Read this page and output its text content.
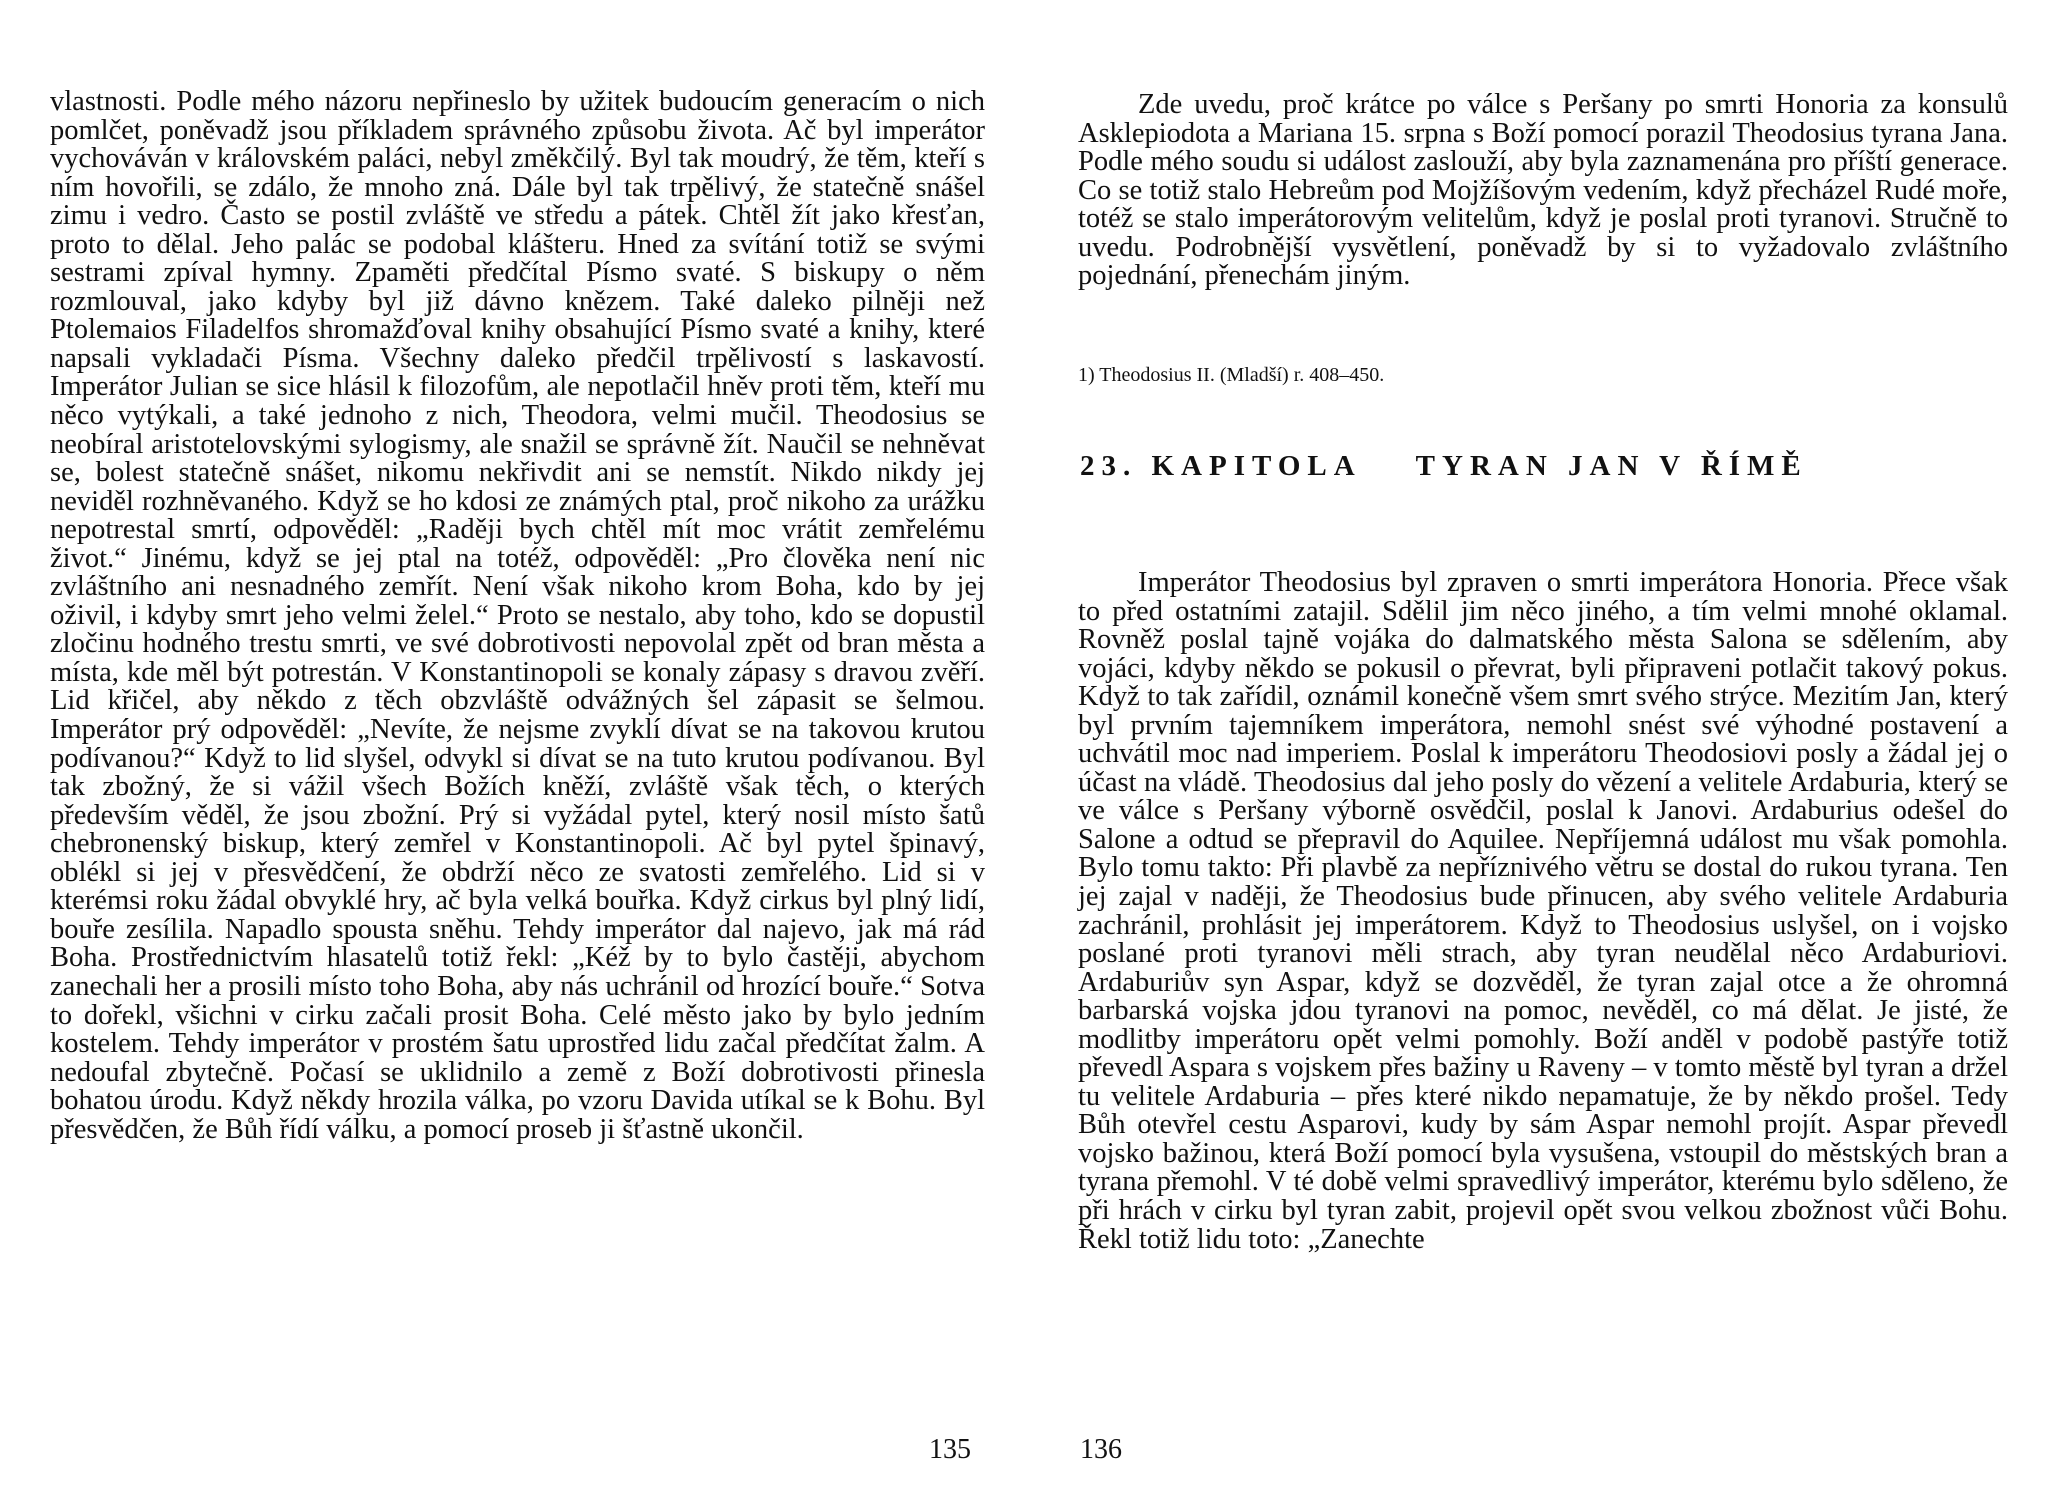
vlastnosti. Podle mého názoru nepřineslo by užitek budoucím generacím o nich pomlčet, poněvadž jsou příkladem správného způsobu života. Ač byl imperátor vychováván v královském paláci, nebyl změkčilý. Byl tak moudrý, že těm, kteří s ním hovořili, se zdálo, že mnoho zná. Dále byl tak trpělivý, že statečně snášel zimu i vedro. Často se postil zvláště ve středu a pátek. Chtěl žít jako křesťan, proto to dělal. Jeho palác se podobal klášteru. Hned za svítání totiž se svými sestrami zpíval hymny. Zpaměti předčítal Písmo svaté. S biskupy o něm rozmlouval, jako kdyby byl již dávno knězem. Také daleko pilněji než Ptolemaios Filadelfos shromažďoval knihy obsahující Písmo svaté a knihy, které napsali vykladači Písma. Všechny daleko předčil trpělivostí s laskavostí. Imperátor Julian se sice hlásil k filozofům, ale nepotlačil hněv proti těm, kteří mu něco vytýkali, a také jednoho z nich, Theodora, velmi mučil. Theodosius se neobíral aristotelovskými sylogismy, ale snažil se správně žít. Naučil se nehněvat se, bolest statečně snášet, nikomu nekřivdit ani se nemstít. Nikdo nikdy jej neviděl rozhněvaného. Když se ho kdosi ze známých ptal, proč nikoho za urážku nepotrestal smrtí, odpověděl: „Raději bych chtěl mít moc vrátit zemřelému život.“ Jinému, když se jej ptal na totéž, odpověděl: „Pro člověka není nic zvláštního ani nesnadného zemřít. Není však nikoho krom Boha, kdo by jej oživil, i kdyby smrt jeho velmi želel.“ Proto se nestalo, aby toho, kdo se dopustil zločinu hodného trestu smrti, ve své dobrotivosti nepovolal zpět od bran města a místa, kde měl být potrestán. V Konstantinopoli se konaly zápasy s dravou zvěří. Lid křičel, aby někdo z těch obzvláště odvážných šel zápasit se šelmou. Imperátor prý odpověděl: „Nevíte, že nejsme zvyklí dívat se na takovou krutou podívanou?“ Když to lid slyšel, odvykl si dívat se na tuto krutou podívanou. Byl tak zbožný, že si vážil všech Božích kněží, zvláště však těch, o kterých především věděl, že jsou zbožní. Prý si vyžádal pytel, který nosil místo šatů chebronenský biskup, který zemřel v Konstantinopoli. Ač byl pytel špinavý, oblékl si jej v přesvědčení, že obdrží něco ze svatosti zemřelého. Lid si v kterémsi roku žádal obvyklé hry, ač byla velká bouřka. Když cirkus byl plný lidí, bouře zesílila. Napadlo spousta sněhu. Tehdy imperátor dal najevo, jak má rád Boha. Prostřednictvím hlasatelů totiž řekl: „Kéž by to bylo častěji, abychom zanechali her a prosili místo toho Boha, aby nás uchránil od hrozící bouře.“ Sotva to dořekl, všichni v cirku začali prosit Boha. Celé město jako by bylo jedním kostelem. Tehdy imperátor v prostém šatu uprostřed lidu začal předčítat žalm. A nedoufal zbytečně. Počasí se uklidnilo a země z Boží dobrotivosti přinesla bohatou úrodu. Když někdy hrozila válka, po vzoru Davida utíkal se k Bohu. Byl přesvědčen, že Bůh řídí válku, a pomocí proseb ji šťastně ukončil.

135

Zde uvedu, proč krátce po válce s Peršany po smrti Honoria za konsulů Asklepiodota a Mariana 15. srpna s Boží pomocí porazil Theodosius tyrana Jana. Podle mého soudu si událost zaslouží, aby byla zaznamenána pro příští generace. Co se totiž stalo Hebreům pod Mojžíšovým vedením, když přecházel Rudé moře, totéž se stalo imperátorovým velitelům, když je poslal proti tyranovi. Stručně to uvedu. Podrobnější vysvětlení, poněvadž by si to vyžadovalo zvláštního pojednání, přenechám jiným.

1) Theodosius II. (Mladší) r. 408–450.
23. KAPITOLA TYRAN JAN V ŘÍMĚ

Imperátor Theodosius byl zpraven o smrti imperátora Honoria. Přece však to před ostatními zatajil. Sdělil jim něco jiného, a tím velmi mnohé oklamal. Rovněž poslal tajně vojáka do dalmatského města Salona se sdělením, aby vojáci, kdyby někdo se pokusil o převrat, byli připraveni potlačit takový pokus. Když to tak zařídil, oznámil konečně všem smrt svého strýce. Mezitím Jan, který byl prvním tajemníkem imperátora, nemohl snést své výhodné postavení a uchvátil moc nad imperiem. Poslal k imperátoru Theodosiovi posly a žádal jej o účast na vládě. Theodosius dal jeho posly do vězení a velitele Ardaburia, který se ve válce s Peršany výborně osvědčil, poslal k Janovi. Ardaburius odešel do Salone a odtud se přepravil do Aquilee. Nepříjemná událost mu však pomohla. Bylo tomu takto: Při plavbě za nepříznivého větru se dostal do rukou tyrana. Ten jej zajal v naději, že Theodosius bude přinucen, aby svého velitele Ardaburia zachránil, prohlásit jej imperátorem. Když to Theodosius uslyšel, on i vojsko poslané proti tyranovi měli strach, aby tyran neudělal něco Ardaburiovi. Ardaburiův syn Aspar, když se dozvěděl, že tyran zajal otce a že ohromná barbarská vojska jdou tyranovi na pomoc, nevěděl, co má dělat. Je jisté, že modlitby imperátoru opět velmi pomohly. Boží anděl v podobě pastýře totiž převedl Aspara s vojskem přes bažiny u Raveny – v tomto městě byl tyran a držel tu velitele Ardaburia – přes které nikdo nepamatuje, že by někdo prošel. Tedy Bůh otevřel cestu Asparovi, kudy by sám Aspar nemohl projít. Aspar převedl vojsko bažinou, která Boží pomocí byla vysušena, vstoupil do městských bran a tyrana přemohl. V té době velmi spravedlivý imperátor, kterému bylo sděleno, že při hrách v cirku byl tyran zabit, projevil opět svou velkou zbožnost vůči Bohu. Řekl totiž lidu toto: „Zanechte

136
